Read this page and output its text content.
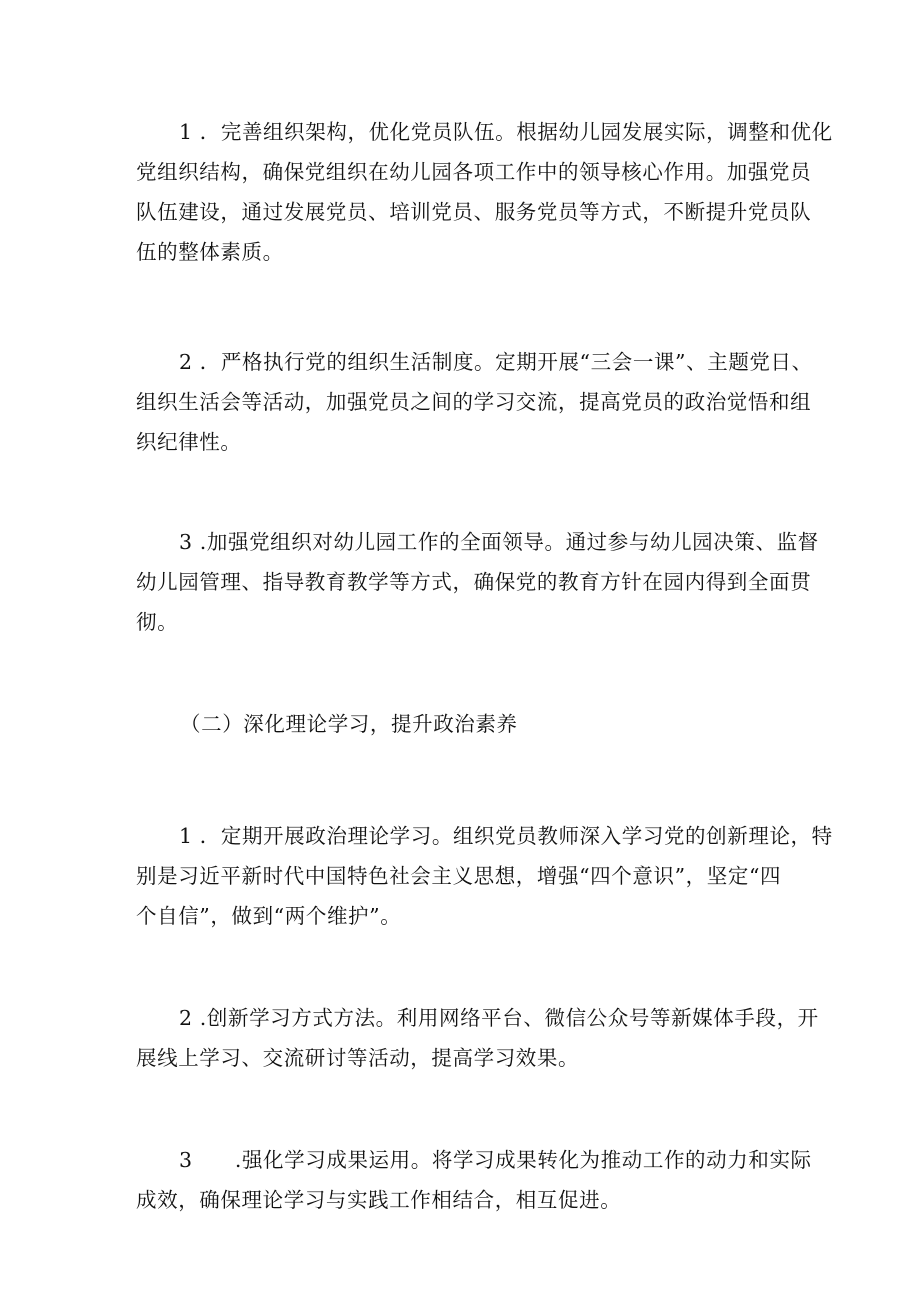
1 ．完善组织架构，优化党员队伍。根据幼儿园发展实际，调整和优化
党组织结构，确保党组织在幼儿园各项工作中的领导核心作用。加强党员
队伍建设，通过发展党员、培训党员、服务党员等方式，不断提升党员队
伍的整体素质。
2 ．严格执行党的组织生活制度。定期开展“三会一课”、主题党日、
组织生活会等活动，加强党员之间的学习交流，提高党员的政治觉悟和组
织纪律性。
3 .加强党组织对幼儿园工作的全面领导。通过参与幼儿园决策、监督
幼儿园管理、指导教育教学等方式，确保党的教育方针在园内得到全面贯
彻。
（二）深化理论学习，提升政治素养
1 ．定期开展政治理论学习。组织党员教师深入学习党的创新理论，特
别是习近平新时代中国特色社会主义思想，增强“四个意识”，坚定“四
个自信”，做到“两个维护”。
2 .创新学习方式方法。利用网络平台、微信公众号等新媒体手段，开
展线上学习、交流研讨等活动，提高学习效果。
3　　.强化学习成果运用。将学习成果转化为推动工作的动力和实际
成效，确保理论学习与实践工作相结合，相互促进。
